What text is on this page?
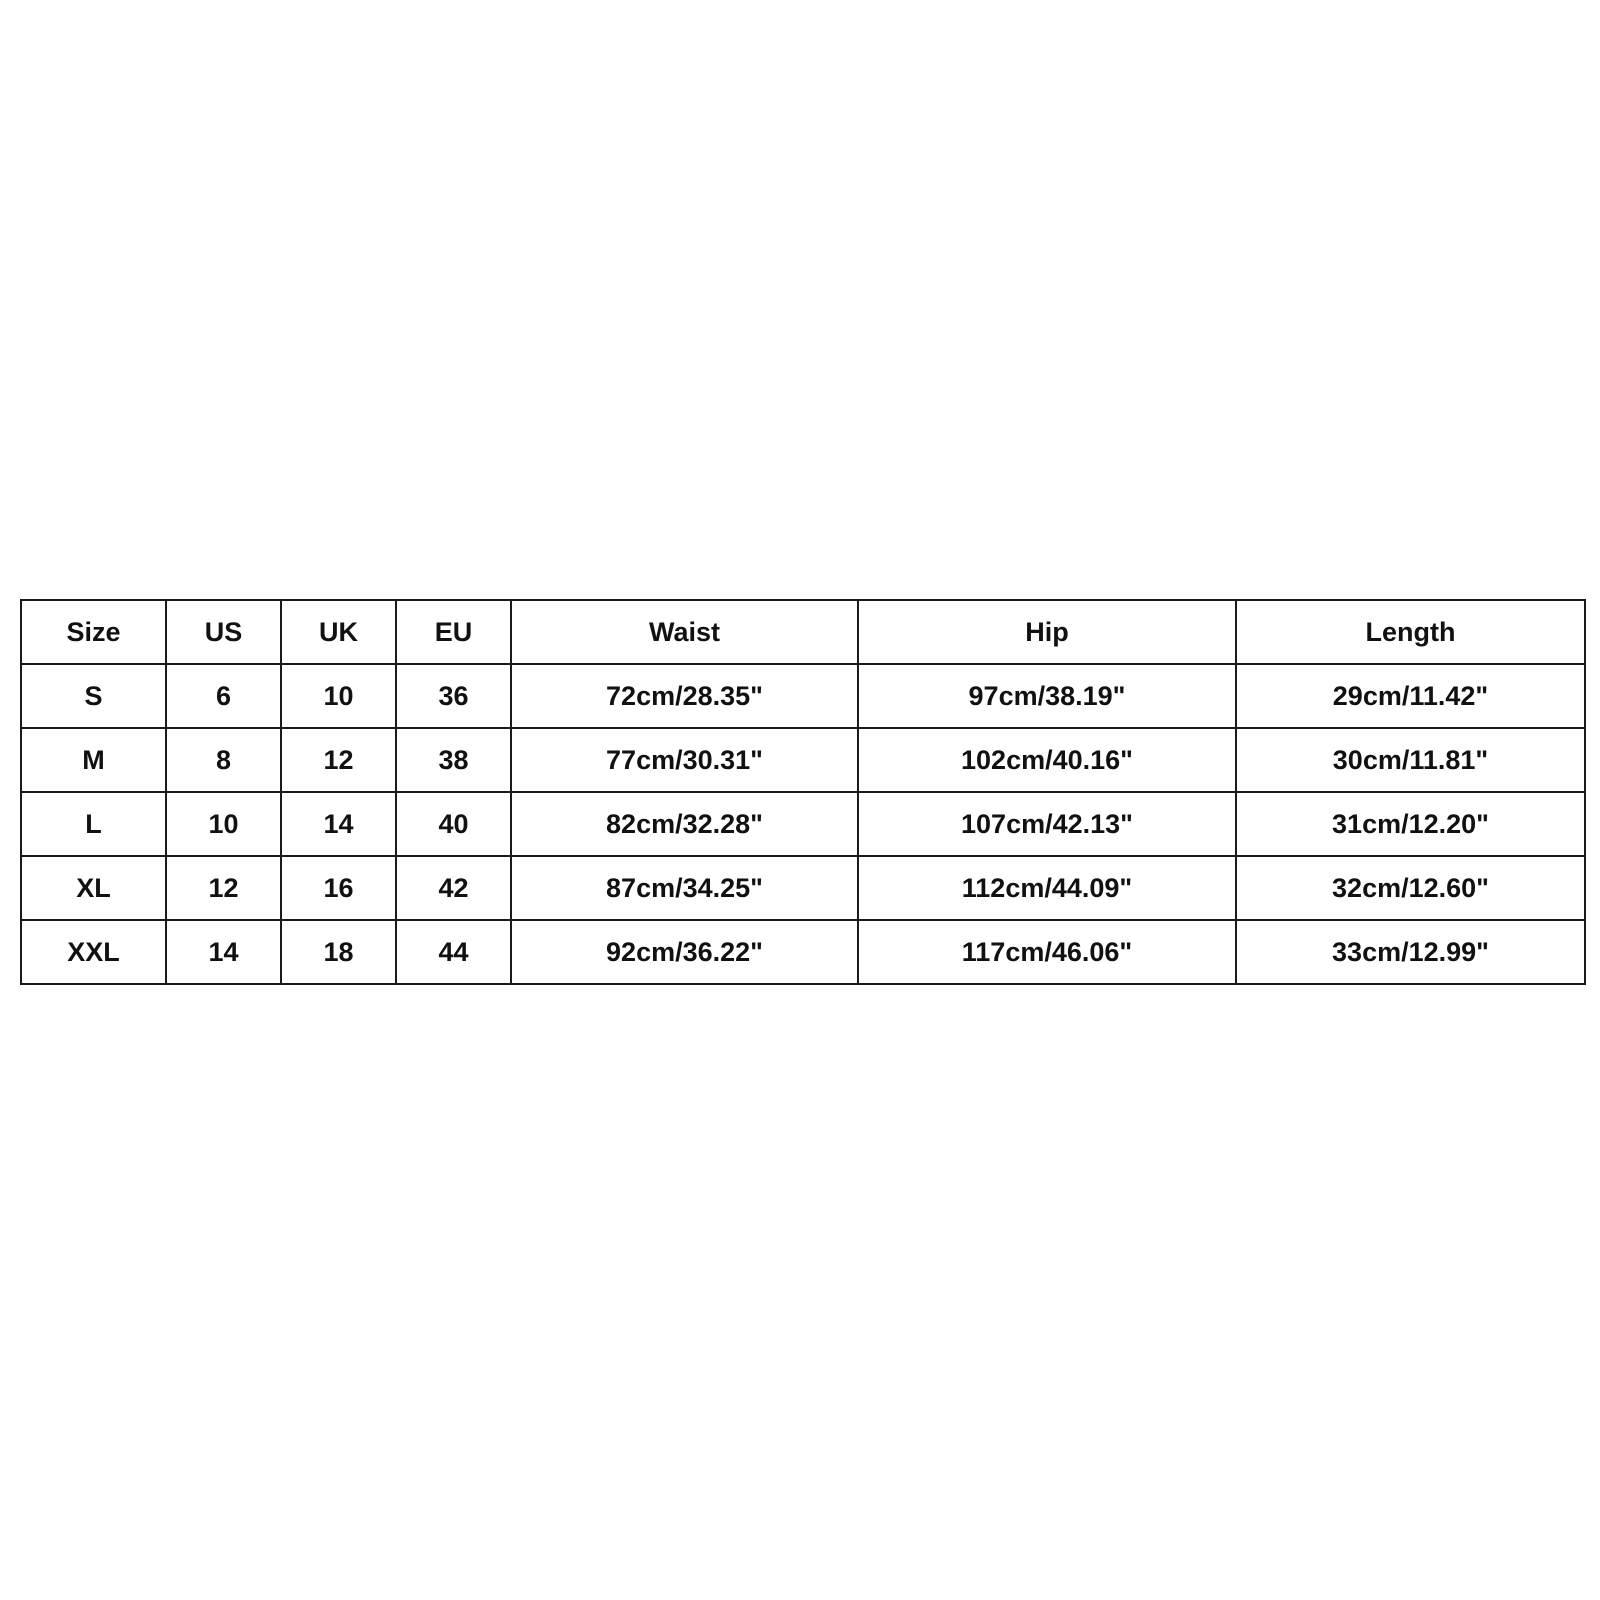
Size	US	UK	EU	Waist	Hip	Length
S	6	10	36	72cm/28.35"	97cm/38.19"	29cm/11.42"
M	8	12	38	77cm/30.31"	102cm/40.16"	30cm/11.81"
L	10	14	40	82cm/32.28"	107cm/42.13"	31cm/12.20"
XL	12	16	42	87cm/34.25"	112cm/44.09"	32cm/12.60"
XXL	14	18	44	92cm/36.22"	117cm/46.06"	33cm/12.99"
